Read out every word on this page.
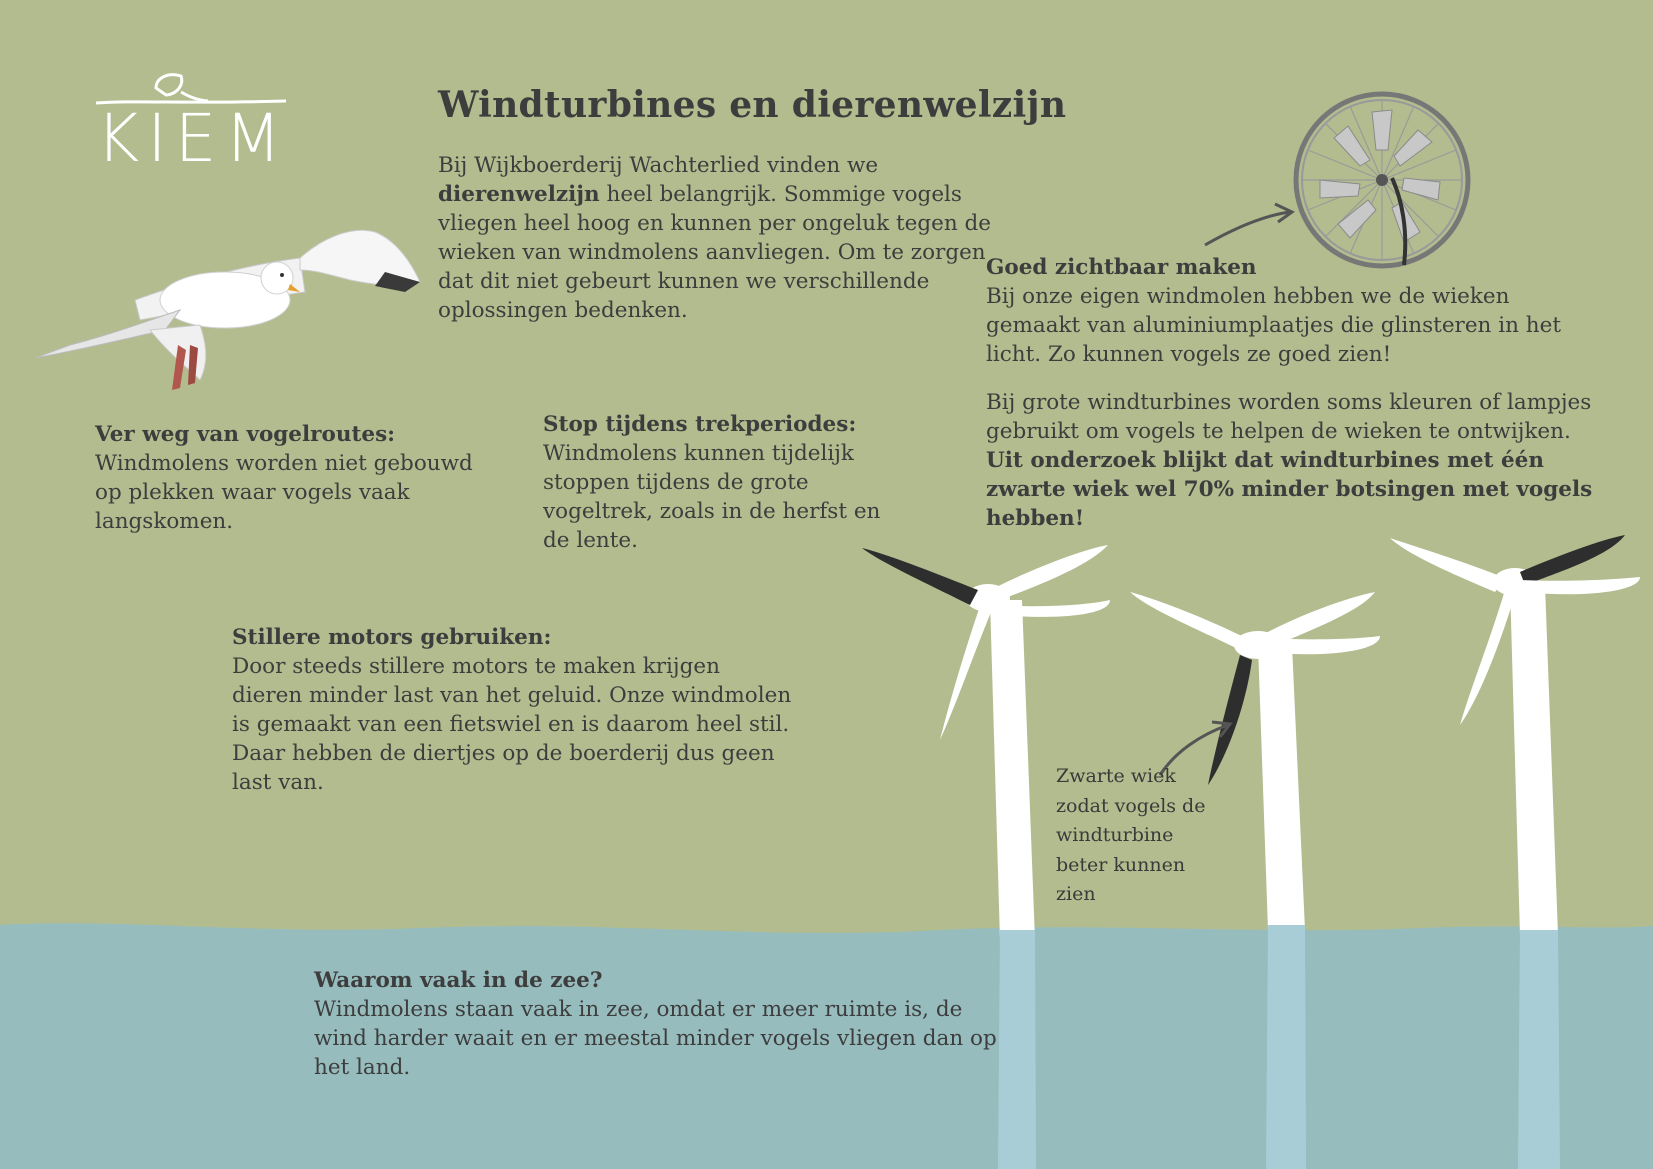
KIEM	Windturbines en dierenwelzijn
Bij Wijkboerderij Wachterlied vinden we dierenwelzijn heel belangrijk. Sommige vogels vliegen heel hoog en kunnen per ongeluk tegen de wieken van windmolens aanvliegen. Om te zorgen dat dit niet gebeurt kunnen we verschillende oplossingen bedenken.
Goed zichtbaar maken
Bij onze eigen windmolen hebben we de wieken gemaakt van aluminiumplaatjes die glinsteren in het licht. Zo kunnen vogels ze goed zien!
Bij grote windturbines worden soms kleuren of lampjes gebruikt om vogels te helpen de wieken te ontwijken. Uit onderzoek blijkt dat windturbines met één zwarte wiek wel 70% minder botsingen met vogels hebben!
Ver weg van vogelroutes:
Windmolens worden niet gebouwd op plekken waar vogels vaak langskomen.
Stop tijdens trekperiodes:
Windmolens kunnen tijdelijk stoppen tijdens de grote vogeltrek, zoals in de herfst en de lente.
Stillere motors gebruiken:
Door steeds stillere motors te maken krijgen dieren minder last van het geluid. Onze windmolen is gemaakt van een fietswiel en is daarom heel stil. Daar hebben de diertjes op de boerderij dus geen last van.
Waarom vaak in de zee?
Windmolens staan vaak in zee, omdat er meer ruimte is, de wind harder waait en er meestal minder vogels vliegen dan op het land.
Zwarte wiek zodat vogels de windturbine beter kunnen zien
